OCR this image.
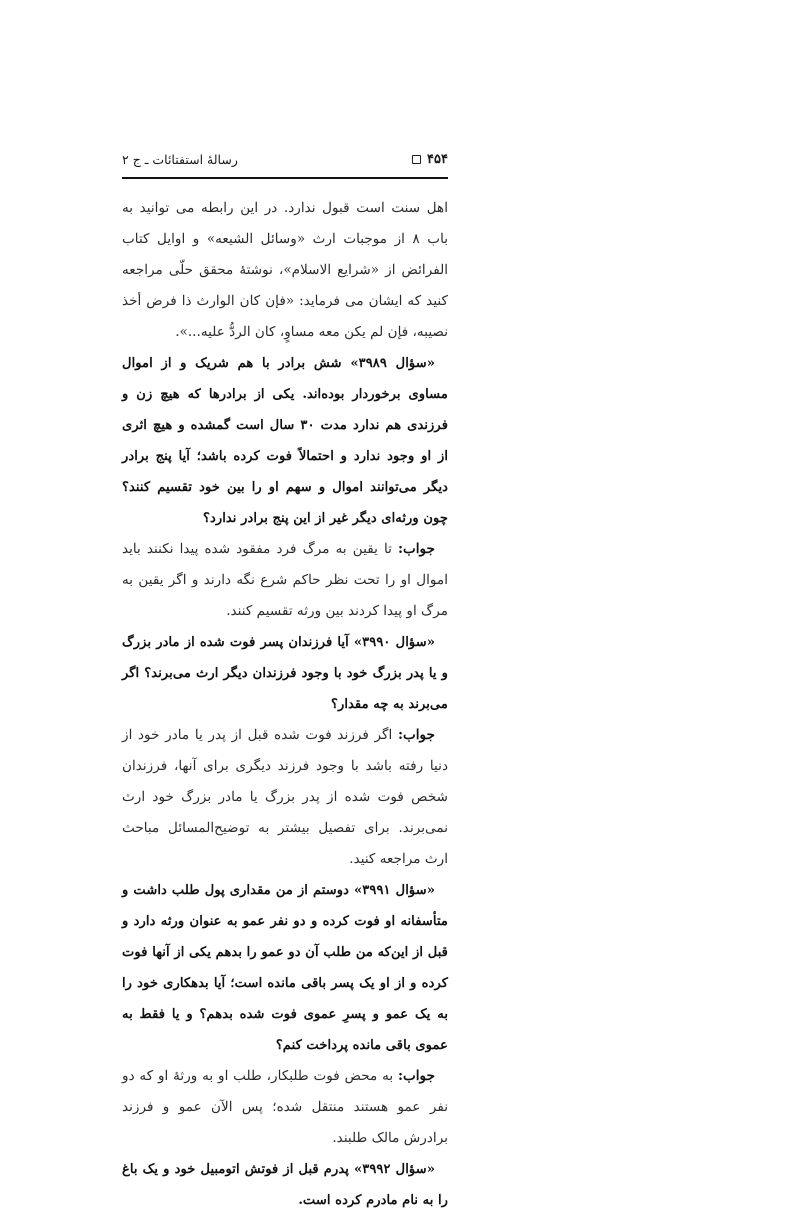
۴۵۴
رسالهٔ استفتائات ـ ج ۲

اهل سنت است قبول ندارد. در این رابطه می توانید به باب ۸ از موجبات ارث «وسائل الشیعه» و اوایل کتاب الفرائض از «شرایع الاسلام»، نوشتهٔ محقق حلّی مراجعه کنید که ایشان می فرماید: «فإن کان الوارث ذا فرض أخذ نصیبه، فإن لم یکن معه مساوٍ، کان الردُّ علیه...».

«سؤال ۳۹۸۹» شش برادر با هم شریک و از اموال مساوی برخوردار بوده‌اند. یکی از برادرها که هیچ زن و فرزندی هم ندارد مدت ۳۰ سال است گمشده و هیچ اثری از او وجود ندارد و احتمالاً فوت کرده باشد؛ آیا پنج برادر دیگر می‌توانند اموال و سهم او را بین خود تقسیم کنند؟ چون ورثه‌ای دیگر غیر از این پنج برادر ندارد؟

جواب: تا یقین به مرگ فرد مفقود شده پیدا نکنند باید اموال او را تحت نظر حاکم شرع نگه دارند و اگر یقین به مرگ او پیدا کردند بین ورثه تقسیم کنند.

«سؤال ۳۹۹۰» آیا فرزندان پسر فوت شده از مادر بزرگ و یا پدر بزرگ خود با وجود فرزندان دیگر ارث می‌برند؟ اگر می‌برند به چه مقدار؟

جواب: اگر فرزند فوت شده قبل از پدر یا مادر خود از دنیا رفته باشد با وجود فرزند دیگری برای آنها، فرزندان شخص فوت شده از پدر بزرگ یا مادر بزرگ خود ارث نمی‌برند. برای تفصیل بیشتر به توضیح‌المسائل مباحث ارث مراجعه کنید.

«سؤال ۳۹۹۱» دوستم از من مقداری پول طلب داشت و متأسفانه او فوت کرده و دو نفر عمو به عنوان ورثه دارد و قبل از این‌که من طلب آن دو عمو را بدهم یکی از آنها فوت کرده و از او یک پسر باقی مانده است؛ آیا بدهکاری خود را به یک عمو و پسرِ عموی فوت شده بدهم؟ و یا فقط به عموی باقی مانده پرداخت کنم؟

جواب: به محض فوت طلبکار، طلب او به ورثهٔ او که دو نفر عمو هستند منتقل شده؛ پس الآن عمو و فرزند برادرش مالک طلبند.

«سؤال ۳۹۹۲» پدرم قبل از فوتش اتومبیل خود و یک باغ را به نام مادرم کرده است.
